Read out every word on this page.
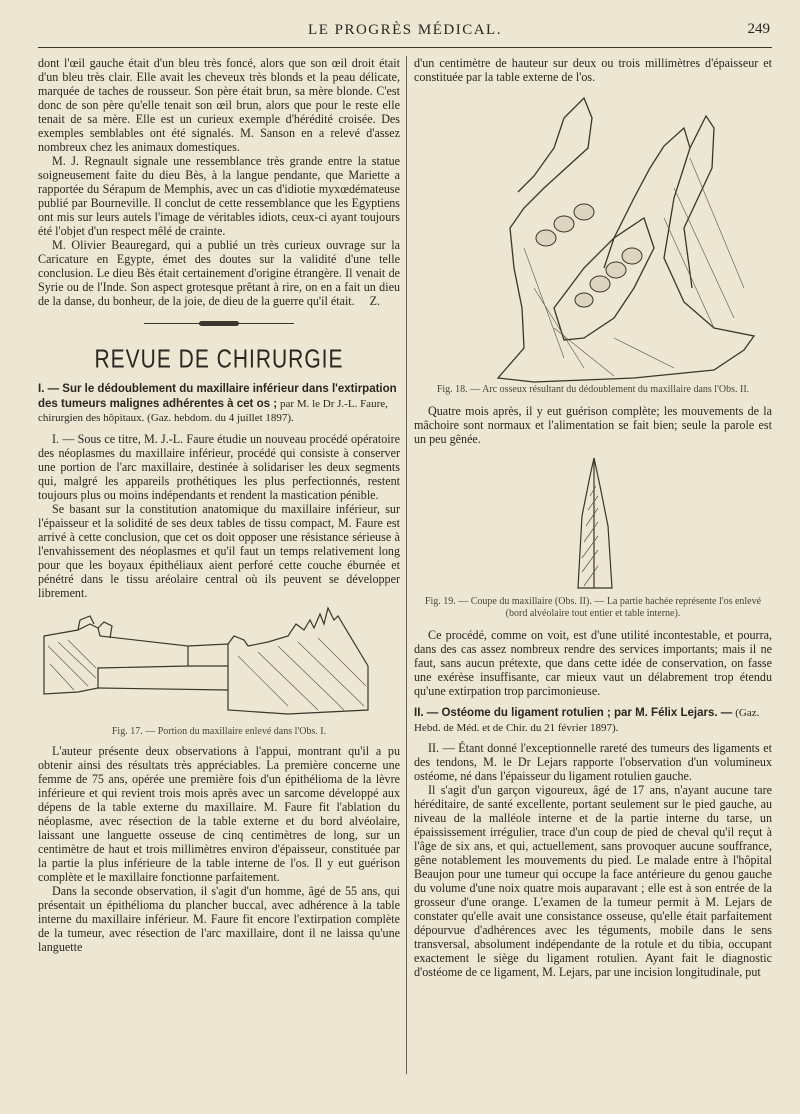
LE PROGRÈS MÉDICAL.	249

dont l'œil gauche était d'un bleu très foncé, alors que son œil droit était d'un bleu très clair. Elle avait les cheveux très blonds et la peau délicate, marquée de taches de rousseur. Son père était brun, sa mère blonde. C'est donc de son père qu'elle tenait son œil brun, alors que pour le reste elle tenait de sa mère. Elle est un curieux exemple d'hérédité croisée. Des exemples semblables ont été signalés. M. Sanson en a relevé d'assez nombreux chez les animaux domestiques.

M. J. Regnault signale une ressemblance très grande entre la statue soigneusement faite du dieu Bès, à la langue pendante, que Mariette a rapportée du Sérapum de Memphis, avec un cas d'idiotie myxœdémateuse publié par Bourneville. Il conclut de cette ressemblance que les Egyptiens ont mis sur leurs autels l'image de véritables idiots, ceux-ci ayant toujours été l'objet d'un respect mêlé de crainte.

M. Olivier Beauregard, qui a publié un très curieux ouvrage sur la Caricature en Egypte, émet des doutes sur la validité d'une telle conclusion. Le dieu Bès était certainement d'origine étrangère. Il venait de Syrie ou de l'Inde. Son aspect grotesque prêtant à rire, on en a fait un dieu de la danse, du bonheur, de la joie, de dieu de la guerre qu'il était.	Z.

REVUE DE CHIRURGIE
I. — Sur le dédoublement du maxillaire inférieur dans l'extirpation des tumeurs malignes adhérentes à cet os ; par M. le Dr J.-L. Faure, chirurgien des hôpitaux. (Gaz. hebdom. du 4 juillet 1897).

I. — Sous ce titre, M. J.-L. Faure étudie un nouveau procédé opératoire des néoplasmes du maxillaire inférieur, procédé qui consiste à conserver une portion de l'arc maxillaire, destinée à solidariser les deux segments qui, malgré les appareils prothétiques les plus perfectionnés, restent toujours plus ou moins indépendants et rendent la mastication pénible.

Se basant sur la constitution anatomique du maxillaire inférieur, sur l'épaisseur et la solidité de ses deux tables de tissu compact, M. Faure est arrivé à cette conclusion, que cet os doit opposer une résistance sérieuse à l'envahissement des néoplasmes et qu'il faut un temps relativement long pour que les boyaux épithéliaux aient perforé cette couche éburnée et pénétré dans le tissu aréolaire central où ils peuvent se développer librement.

Fig. 17. — Portion du maxillaire enlevé dans l'Obs. I.

L'auteur présente deux observations à l'appui, montrant qu'il a pu obtenir ainsi des résultats très appréciables. La première concerne une femme de 75 ans, opérée une première fois d'un épithélioma de la lèvre inférieure et qui revient trois mois après avec un sarcome développé aux dépens de la table externe du maxillaire. M. Faure fit l'ablation du néoplasme, avec résection de la table externe et du bord alvéolaire, laissant une languette osseuse de cinq centimètres de long, sur un centimètre de haut et trois millimètres environ d'épaisseur, constituée par la partie la plus inférieure de la table interne de l'os. Il y eut guérison complète et le maxillaire fonctionne parfaitement.

Dans la seconde observation, il s'agit d'un homme, âgé de 55 ans, qui présentait un épithélioma du plancher buccal, avec adhérence à la table interne du maxillaire inférieur. M. Faure fit encore l'extirpation complète de la tumeur, avec résection de l'arc maxillaire, dont il ne laissa qu'une languette

d'un centimètre de hauteur sur deux ou trois millimètres d'épaisseur et constituée par la table externe de l'os.

Fig. 18. — Arc osseux résultant du dédoublement du maxillaire dans l'Obs. II.

Quatre mois après, il y eut guérison complète; les mouvements de la mâchoire sont normaux et l'alimentation se fait bien; seule la parole est un peu gênée.

Fig. 19. — Coupe du maxillaire (Obs. II). — La partie hachée représente l'os enlevé (bord alvéolaire tout entier et table interne).

Ce procédé, comme on voit, est d'une utilité incontestable, et pourra, dans des cas assez nombreux rendre des services importants; mais il ne faut, sans aucun prétexte, que dans cette idée de conservation, on fasse une exérèse insuffisante, car mieux vaut un délabrement trop étendu qu'une extirpation trop parcimonieuse.

II. — Ostéome du ligament rotulien ; par M. Félix Lejars. — (Gaz. Hebd. de Méd. et de Chir. du 21 février 1897).

II. — Étant donné l'exceptionnelle rareté des tumeurs des ligaments et des tendons, M. le Dr Lejars rapporte l'observation d'un volumineux ostéome, né dans l'épaisseur du ligament rotulien gauche.

Il s'agit d'un garçon vigoureux, âgé de 17 ans, n'ayant aucune tare héréditaire, de santé excellente, portant seulement sur le pied gauche, au niveau de la malléole interne et de la partie interne du tarse, un épaississement irrégulier, trace d'un coup de pied de cheval qu'il reçut à l'âge de six ans, et qui, actuellement, sans provoquer aucune souffrance, gêne notablement les mouvements du pied. Le malade entre à l'hôpital Beaujon pour une tumeur qui occupe la face antérieure du genou gauche du volume d'une noix quatre mois auparavant ; elle est à son entrée de la grosseur d'une orange. L'examen de la tumeur permit à M. Lejars de constater qu'elle avait une consistance osseuse, qu'elle était parfaitement dépourvue d'adhérences avec les téguments, mobile dans le sens transversal, absolument indépendante de la rotule et du tibia, occupant exactement le siège du ligament rotulien. Ayant fait le diagnostic d'ostéome de ce ligament, M. Lejars, par une incision longitudinale, put
